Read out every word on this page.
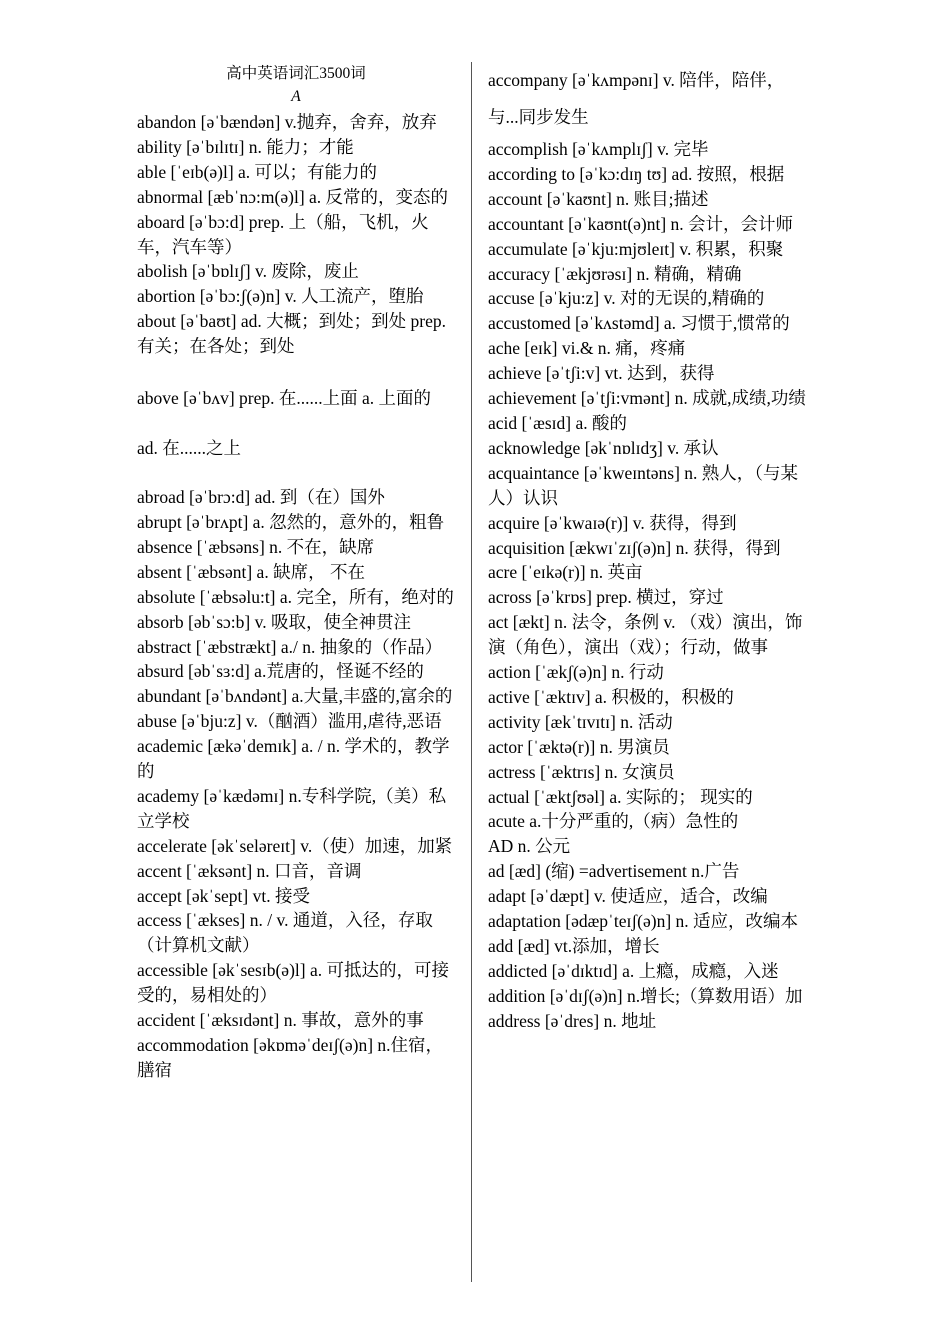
高中英语词汇3500词
A
abandon [əˈbændən] v.抛弃，舍弃，放弃
ability [əˈbɪlɪtɪ] n. 能力；才能
able [ˈeɪb(ə)l] a. 可以；有能力的
abnormal [æbˈnɔ:m(ə)l] a. 反常的，变态的
aboard [əˈbɔ:d] prep. 上（船，飞机，火车，汽车等）
abolish [əˈbɒlɪʃ] v. 废除，废止
abortion [əˈbɔ:ʃ(ə)n] v. 人工流产，堕胎
about [əˈbaʊt] ad. 大概；到处；到处 prep. 有关；在各处；到处
above [əˈbʌv] prep. 在......上面 a. 上面的 ad. 在......之上
abroad [əˈbrɔ:d] ad. 到（在）国外
abrupt [əˈbrʌpt] a. 忽然的，意外的，粗鲁
absence [ˈæbsəns] n. 不在，缺席
absent [ˈæbsənt] a. 缺席， 不在
absolute [ˈæbsəlu:t] a. 完全，所有，绝对的
absorb [əbˈsɔ:b] v. 吸取，使全神贯注
abstract [ˈæbstrækt] a./ n. 抽象的（作品）
absurd [əbˈsɜ:d] a.荒唐的，怪诞不经的
abundant [əˈbʌndənt] a.大量,丰盛的,富余的
abuse [əˈbju:z] v.（酗酒）滥用,虐待,恶语
academic [ækəˈdemɪk] a. / n. 学术的，教学的
academy [əˈkædəmɪ] n.专科学院,（美）私立学校
accelerate [əkˈseləreɪt] v.（使）加速，加紧
accent [ˈæksənt] n. 口音，音调
accept [əkˈsept] vt. 接受
access [ˈækses] n. / v. 通道，入径，存取（计算机文献）
accessible [əkˈsesɪb(ə)l] a. 可抵达的，可接受的，易相处的）
accident [ˈæksɪdənt] n. 事故，意外的事
accommodation [əkɒməˈdeɪʃ(ə)n] n.住宿，膳宿
accompany [əˈkʌmpənɪ] v. 陪伴，陪伴，与...同步发生
accomplish [əˈkʌmplɪʃ] v. 完毕
according to [əˈkɔ:dɪŋ tʊ] ad. 按照，根据
account [əˈkaʊnt] n. 账目;描述
accountant [əˈkaʊnt(ə)nt] n. 会计，会计师
accumulate [əˈkju:mjʊleɪt] v. 积累，积聚
accuracy [ˈækjʊrəsɪ] n. 精确，精确
accuse [əˈkju:z] v. 对的无误的,精确的
accustomed [əˈkʌstəmd] a. 习惯于,惯常的
ache [eɪk] vi.& n. 痛，疼痛
achieve [əˈtʃi:v] vt. 达到，获得
achievement [əˈtʃi:vmənt] n. 成就,成绩,功绩
acid [ˈæsɪd] a. 酸的
acknowledge [əkˈnɒlɪdʒ] v. 承认
acquaintance [əˈkweɪntəns] n. 熟人，（与某人）认识
acquire [əˈkwaɪə(r)] v. 获得，得到
acquisition [ækwɪˈzɪʃ(ə)n] n. 获得，得到
acre [ˈeɪkə(r)] n. 英亩
across [əˈkrɒs] prep. 横过，穿过
act [ækt] n. 法令，条例 v. （戏）演出，饰演（角色），演出（戏）；行动，做事
action [ˈækʃ(ə)n] n. 行动
active [ˈæktɪv] a. 积极的，积极的
activity [ækˈtɪvɪtɪ] n. 活动
actor [ˈæktə(r)] n. 男演员
actress [ˈæktrɪs] n. 女演员
actual [ˈæktʃʊəl] a. 实际的； 现实的
acute a.十分严重的,（病）急性的
AD n. 公元
ad [æd] (缩) =advertisement n.广告
adapt [əˈdæpt] v. 使适应，适合，改编
adaptation [ədæpˈteɪʃ(ə)n] n. 适应，改编本
add [æd] vt.添加，增长
addicted [əˈdɪktɪd] a. 上瘾，成瘾，入迷
addition [əˈdɪʃ(ə)n] n.增长;（算数用语）加
address [əˈdres] n. 地址
